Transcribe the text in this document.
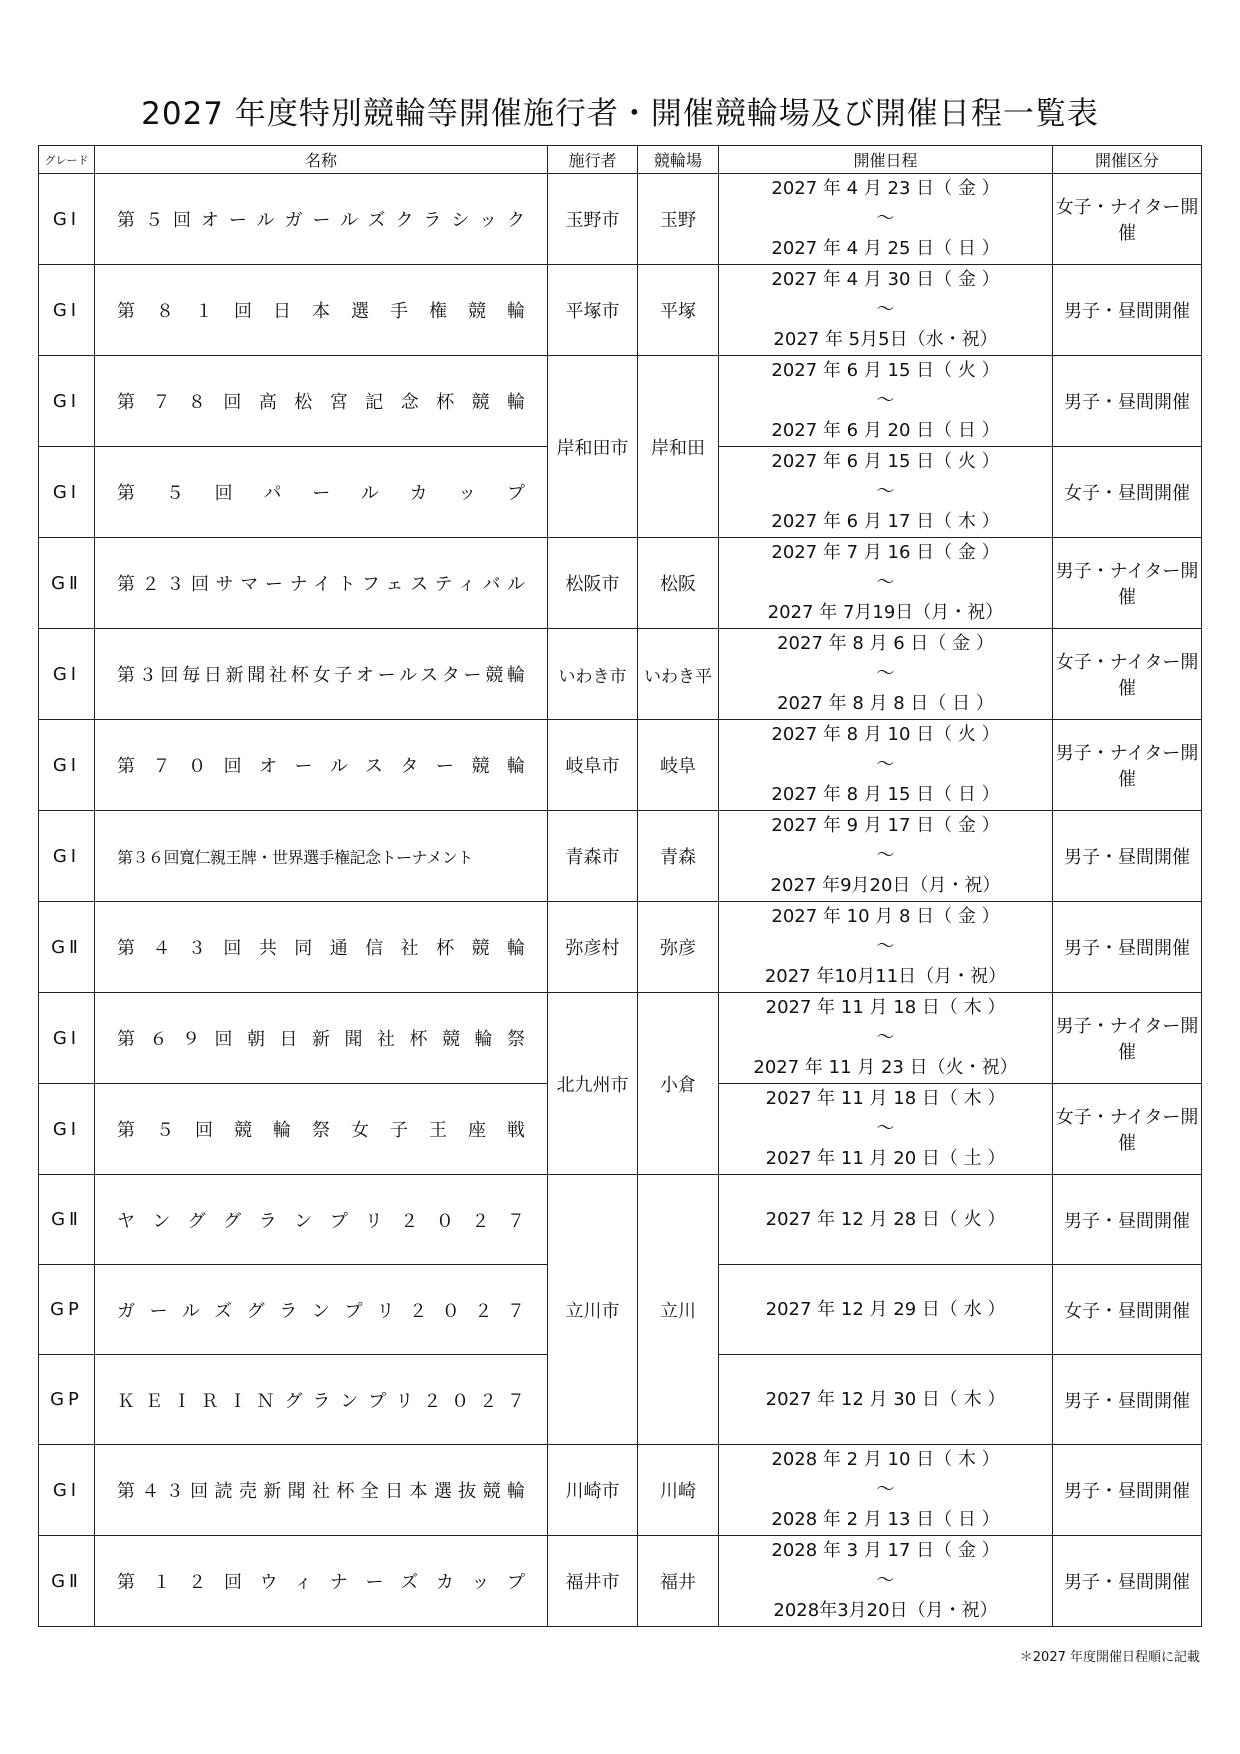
2027 年度特別競輪等開催施行者・開催競輪場及び開催日程一覧表
グレード	名称	施行者	競輪場	開催日程	開催区分
GⅠ	第５回オールガールズクラシック	玉野市	玉野	2027 年 4 月 23 日（ 金 ）
～
2027 年 4 月 25 日（ 日 ）	女子・ナイター開催
GⅠ	第８１回日本選手権競輪	平塚市	平塚	2027 年 4 月 30 日（ 金 ）
～
2027 年 5月5日（水・祝）	男子・昼間開催
GⅠ	第７８回高松宮記念杯競輪	岸和田市	岸和田	2027 年 6 月 15 日（ 火 ）
～
2027 年 6 月 20 日（ 日 ）	男子・昼間開催
GⅠ	第５回パールカップ			2027 年 6 月 15 日（ 火 ）
～
2027 年 6 月 17 日（ 木 ）	女子・昼間開催
GⅡ	第２３回サマーナイトフェスティバル	松阪市	松阪	2027 年 7 月 16 日（ 金 ）
～
2027 年 7月19日（月・祝）	男子・ナイター開催
GⅠ	第３回毎日新聞社杯女子オールスター競輪	いわき市	いわき平	2027 年 8 月 6 日（ 金 ）
～
2027 年 8 月 8 日（ 日 ）	女子・ナイター開催
GⅠ	第７０回オールスター競輪	岐阜市	岐阜	2027 年 8 月 10 日（ 火 ）
～
2027 年 8 月 15 日（ 日 ）	男子・ナイター開催
GⅠ	第３６回寬仁親王牌・世界選手権記念トーナメント	青森市	青森	2027 年 9 月 17 日（ 金 ）
～
2027 年9月20日（月・祝）	男子・昼間開催
GⅡ	第４３回共同通信社杯競輪	弥彦村	弥彦	2027 年 10 月 8 日（ 金 ）
～
2027 年10月11日（月・祝）	男子・昼間開催
GⅠ	第６９回朝日新聞社杯競輪祭	北九州市	小倉	2027 年 11 月 18 日（ 木 ）
～
2027 年 11 月 23 日（火・祝）	男子・ナイター開催
GⅠ	第５回競輪祭女子王座戦			2027 年 11 月 18 日（ 木 ）
～
2027 年 11 月 20 日（ 土 ）	女子・ナイター開催
GⅡ	ヤンググランプリ２０２７	立川市	立川	2027 年 12 月 28 日（ 火 ）	男子・昼間開催
GP	ガールズグランプリ２０２７			2027 年 12 月 29 日（ 水 ）	女子・昼間開催
GP	ＫＥＩＲＩＮグランプリ２０２７			2027 年 12 月 30 日（ 木 ）	男子・昼間開催
GⅠ	第４３回読売新聞社杯全日本選抜競輪	川崎市	川崎	2028 年 2 月 10 日（ 木 ）
～
2028 年 2 月 13 日（ 日 ）	男子・昼間開催
GⅡ	第１２回ウィナーズカップ	福井市	福井	2028 年 3 月 17 日（ 金 ）
～
2028年3月20日（月・祝）	男子・昼間開催
＊2027 年度開催日程順に記載
